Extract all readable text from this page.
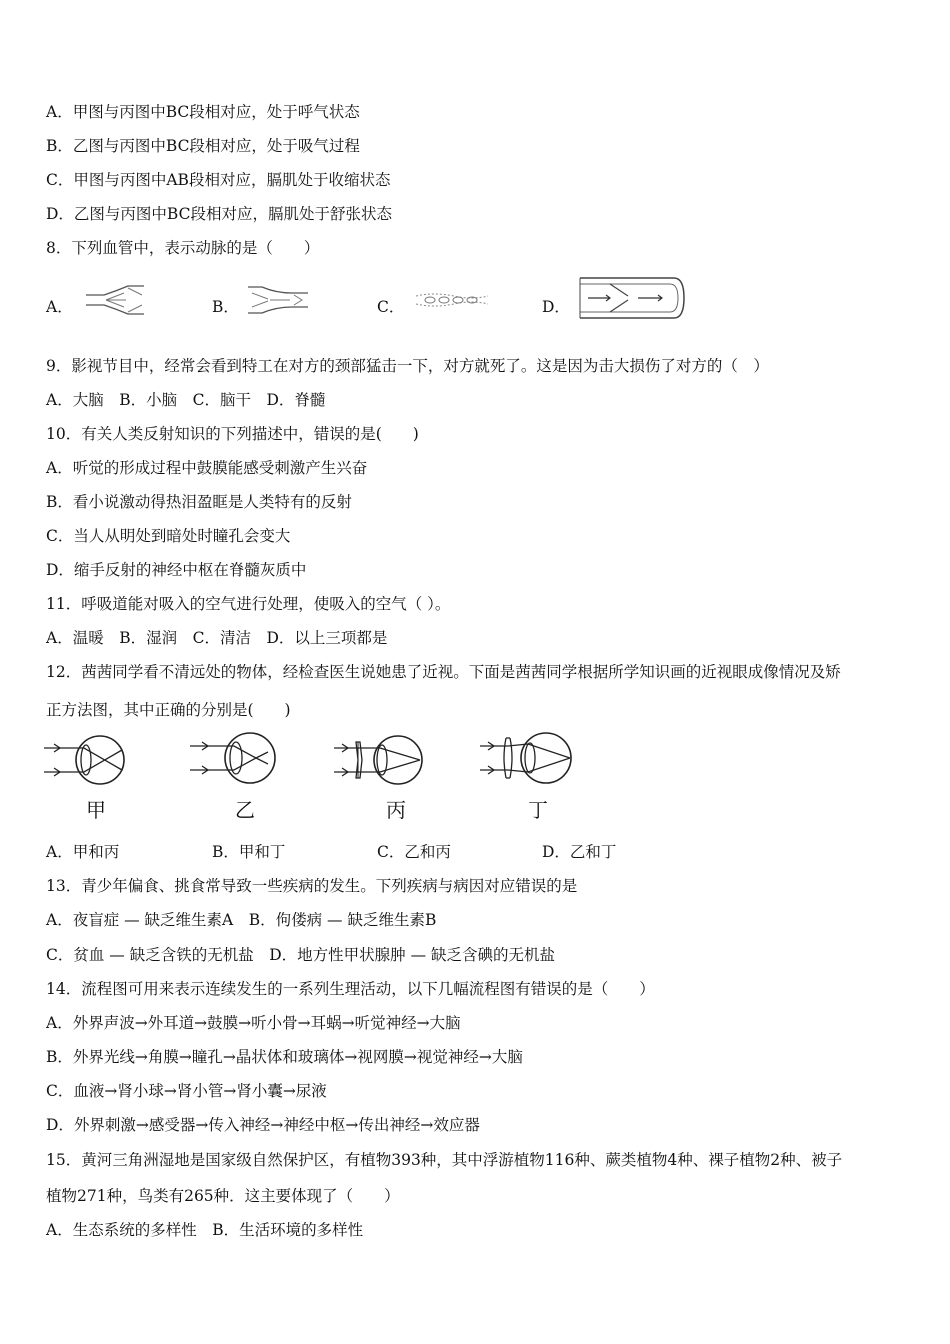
A．甲图与丙图中BC段相对应，处于呼气状态
B．乙图与丙图中BC段相对应，处于吸气过程
C．甲图与丙图中AB段相对应，膈肌处于收缩状态
D．乙图与丙图中BC段相对应，膈肌处于舒张状态
8．下列血管中，表示动脉的是（　　）
A．	B．	C．	D．
9．影视节目中，经常会看到特工在对方的颈部猛击一下，对方就死了。这是因为击大损伤了对方的（　）
A．大脑　B．小脑　C．脑干　D．脊髓
10．有关人类反射知识的下列描述中，错误的是(　　)
A．听觉的形成过程中鼓膜能感受刺激产生兴奋
B．看小说激动得热泪盈眶是人类特有的反射
C．当人从明处到暗处时瞳孔会变大
D．缩手反射的神经中枢在脊髓灰质中
11．呼吸道能对吸入的空气进行处理，使吸入的空气（ ）。
A．温暖　B．湿润　C．清洁　D．以上三项都是
12．茜茜同学看不清远处的物体，经检查医生说她患了近视。下面是茜茜同学根据所学知识画的近视眼成像情况及矫
正方法图，其中正确的分别是(　　)
甲	乙	丙	丁
A．甲和丙	B．甲和丁	C．乙和丙	D．乙和丁
13．青少年偏食、挑食常导致一些疾病的发生。下列疾病与病因对应错误的是
A．夜盲症 — 缺乏维生素A　B．佝偻病 — 缺乏维生素B
C．贫血 — 缺乏含铁的无机盐　D．地方性甲状腺肿 — 缺乏含碘的无机盐
14．流程图可用来表示连续发生的一系列生理活动，以下几幅流程图有错误的是（　　）
A．外界声波→外耳道→鼓膜→听小骨→耳蜗→听觉神经→大脑
B．外界光线→角膜→瞳孔→晶状体和玻璃体→视网膜→视觉神经→大脑
C．血液→肾小球→肾小管→肾小囊→尿液
D．外界刺激→感受器→传入神经→神经中枢→传出神经→效应器
15．黄河三角洲湿地是国家级自然保护区，有植物393种，其中浮游植物116种、蕨类植物4种、裸子植物2种、被子
植物271种，鸟类有265种．这主要体现了（　　）
A．生态系统的多样性　B．生活环境的多样性
